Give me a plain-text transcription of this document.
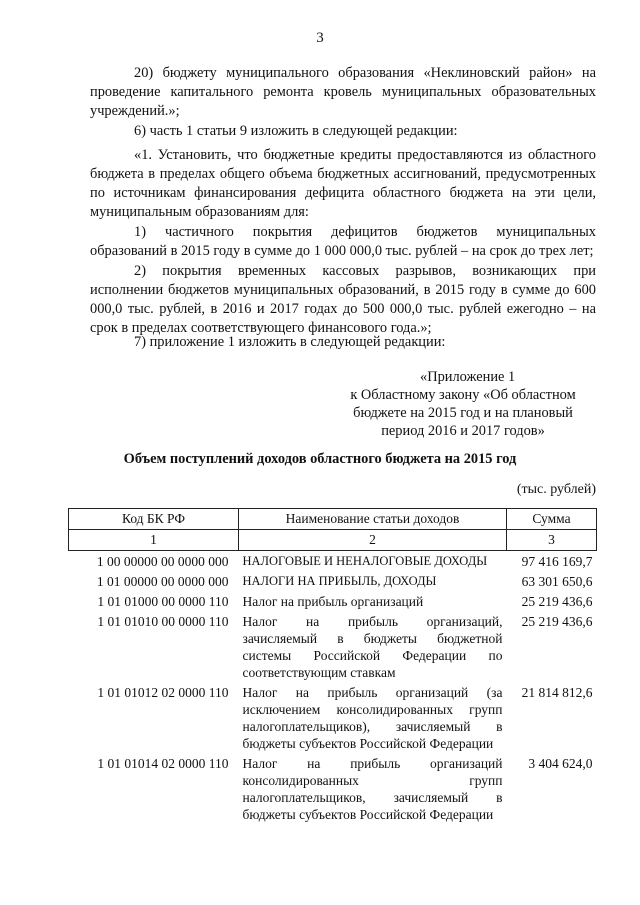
3

20) бюджету муниципального образования «Неклиновский район» на проведение капитального ремонта кровель муниципальных образовательных учреждений.»;

6) часть 1 статьи 9 изложить в следующей редакции:

«1. Установить, что бюджетные кредиты предоставляются из областного бюджета в пределах общего объема бюджетных ассигнований, предусмотренных по источникам финансирования дефицита областного бюджета на эти цели, муниципальным образованиям для:

1) частичного покрытия дефицитов бюджетов муниципальных образований в 2015 году в сумме до 1 000 000,0 тыс. рублей – на срок до трех лет;

2) покрытия временных кассовых разрывов, возникающих при исполнении бюджетов муниципальных образований, в 2015 году в сумме до 600 000,0 тыс. рублей, в 2016 и 2017 годах до 500 000,0 тыс. рублей ежегодно – на срок в пределах соответствующего финансового года.»;

7) приложение 1 изложить в следующей редакции:

«Приложение 1
к Областному закону «Об областном
бюджете на 2015 год и на плановый
период 2016 и 2017 годов»
Объем поступлений доходов областного бюджета на 2015 год
(тыс. рублей)
Код БК РФ	Наименование статьи доходов	Сумма
1	2	3
1 00 00000 00 0000 000	НАЛОГОВЫЕ И НЕНАЛОГОВЫЕ ДОХОДЫ	97 416 169,7
1 01 00000 00 0000 000	НАЛОГИ НА ПРИБЫЛЬ, ДОХОДЫ	63 301 650,6
1 01 01000 00 0000 110	Налог на прибыль организаций	25 219 436,6
1 01 01010 00 0000 110	Налог на прибыль организаций, зачисляемый в бюджеты бюджетной системы Российской Федерации по соответствующим ставкам	25 219 436,6
1 01 01012 02 0000 110	Налог на прибыль организаций (за исключением консолидированных групп налогоплательщиков), зачисляемый в бюджеты субъектов Российской Федерации	21 814 812,6
1 01 01014 02 0000 110	Налог на прибыль организаций консолидированных групп налогоплательщиков, зачисляемый в бюджеты субъектов Российской Федерации	3 404 624,0
